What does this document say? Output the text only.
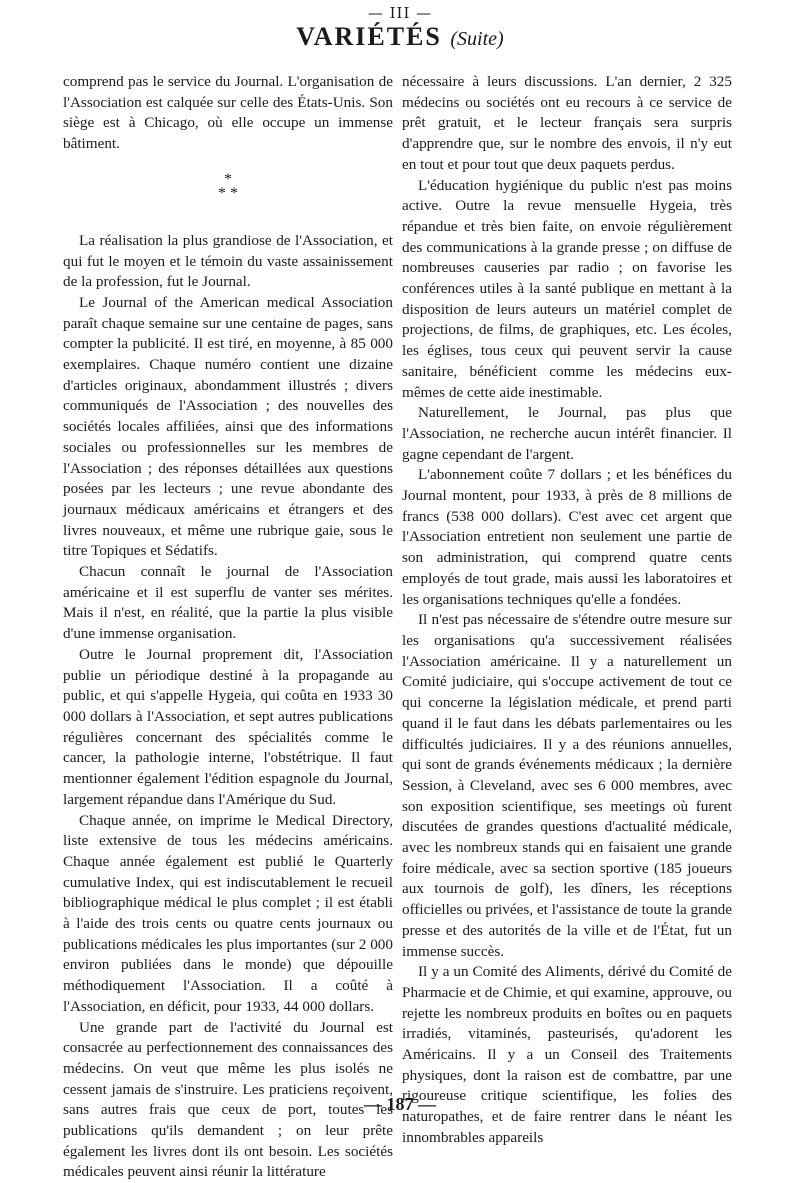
— III —
VARIÉTÉS (Suite)

comprend pas le service du Journal. L'organisation de l'Association est calquée sur celle des États-Unis. Son siège est à Chicago, où elle occupe un immense bâtiment.

*
* *

La réalisation la plus grandiose de l'Association, et qui fut le moyen et le témoin du vaste assainissement de la profession, fut le Journal.

Le Journal of the American medical Association paraît chaque semaine sur une centaine de pages, sans compter la publicité. Il est tiré, en moyenne, à 85 000 exemplaires. Chaque numéro contient une dizaine d'articles originaux, abondamment illustrés ; divers communiqués de l'Association ; des nouvelles des sociétés locales affiliées, ainsi que des informations sociales ou professionnelles sur les membres de l'Association ; des réponses détaillées aux questions posées par les lecteurs ; une revue abondante des journaux médicaux américains et étrangers et des livres nouveaux, et même une rubrique gaie, sous le titre Topiques et Sédatifs.

Chacun connaît le journal de l'Association américaine et il est superflu de vanter ses mérites. Mais il n'est, en réalité, que la partie la plus visible d'une immense organisation.

Outre le Journal proprement dit, l'Association publie un périodique destiné à la propagande au public, et qui s'appelle Hygeia, qui coûta en 1933 30 000 dollars à l'Association, et sept autres publications régulières concernant des spécialités comme le cancer, la pathologie interne, l'obstétrique. Il faut mentionner également l'édition espagnole du Journal, largement répandue dans l'Amérique du Sud.

Chaque année, on imprime le Medical Directory, liste extensive de tous les médecins américains. Chaque année également est publié le Quarterly cumulative Index, qui est indiscutablement le recueil bibliographique médical le plus complet ; il est établi à l'aide des trois cents ou quatre cents journaux ou publications médicales les plus importantes (sur 2 000 environ publiées dans le monde) que dépouille méthodiquement l'Association. Il a coûté à l'Association, en déficit, pour 1933, 44 000 dollars.

Une grande part de l'activité du Journal est consacrée au perfectionnement des connaissances des médecins. On veut que même les plus isolés ne cessent jamais de s'instruire. Les praticiens reçoivent, sans autres frais que ceux de port, toutes les publications qu'ils demandent ; on leur prête également les livres dont ils ont besoin. Les sociétés médicales peuvent ainsi réunir la littérature

nécessaire à leurs discussions. L'an dernier, 2 325 médecins ou sociétés ont eu recours à ce service de prêt gratuit, et le lecteur français sera surpris d'apprendre que, sur le nombre des envois, il n'y eut en tout et pour tout que deux paquets perdus.

L'éducation hygiénique du public n'est pas moins active. Outre la revue mensuelle Hygeia, très répandue et très bien faite, on envoie régulièrement des communications à la grande presse ; on diffuse de nombreuses causeries par radio ; on favorise les conférences utiles à la santé publique en mettant à la disposition de leurs auteurs un matériel complet de projections, de films, de graphiques, etc. Les écoles, les églises, tous ceux qui peuvent servir la cause sanitaire, bénéficient comme les médecins eux-mêmes de cette aide inestimable.

Naturellement, le Journal, pas plus que l'Association, ne recherche aucun intérêt financier. Il gagne cependant de l'argent.

L'abonnement coûte 7 dollars ; et les bénéfices du Journal montent, pour 1933, à près de 8 millions de francs (538 000 dollars). C'est avec cet argent que l'Association entretient non seulement une partie de son administration, qui comprend quatre cents employés de tout grade, mais aussi les laboratoires et les organisations techniques qu'elle a fondées.

Il n'est pas nécessaire de s'étendre outre mesure sur les organisations qu'a successivement réalisées l'Association américaine. Il y a naturellement un Comité judiciaire, qui s'occupe activement de tout ce qui concerne la législation médicale, et prend parti quand il le faut dans les débats parlementaires ou les difficultés judiciaires. Il y a des réunions annuelles, qui sont de grands événements médicaux ; la dernière Session, à Cleveland, avec ses 6 000 membres, avec son exposition scientifique, ses meetings où furent discutées de grandes questions d'actualité médicale, avec les nombreux stands qui en faisaient une grande foire médicale, avec sa section sportive (185 joueurs aux tournois de golf), les dîners, les réceptions officielles ou privées, et l'assistance de toute la grande presse et des autorités de la ville et de l'État, fut un immense succès.

Il y a un Comité des Aliments, dérivé du Comité de Pharmacie et de Chimie, et qui examine, approuve, ou rejette les nombreux produits en boîtes ou en paquets irradiés, vitaminés, pasteurisés, qu'adorent les Américains. Il y a un Conseil des Traitements physiques, dont la raison est de combattre, par une rigoureuse critique scientifique, les folies des naturopathes, et de faire rentrer dans le néant les innombrables appareils

— 187 —
